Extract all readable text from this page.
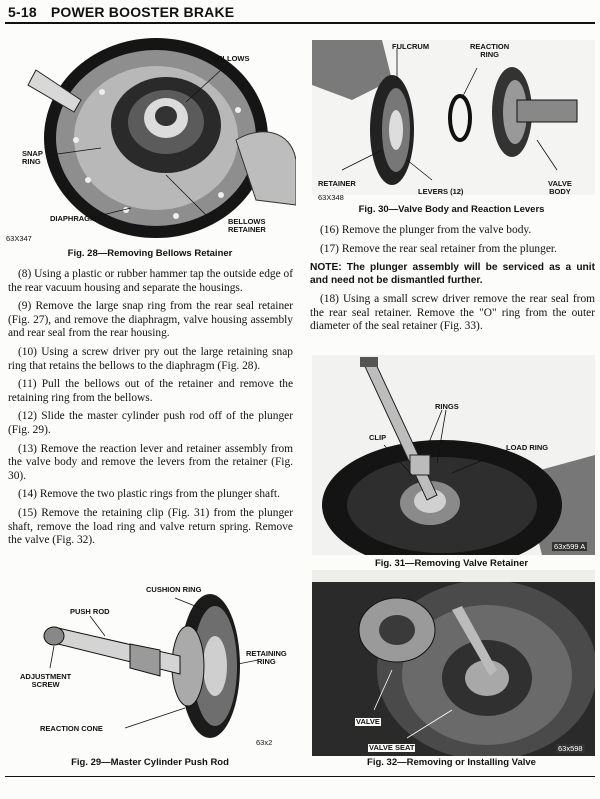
5-18 POWER BOOSTER BRAKE
BELLOWS
SNAP
RING
DIAPHRAGM	BELLOWS
RETAINER
63X347
Fig. 28—Removing Bellows Retainer

(8) Using a plastic or rubber hammer tap the outside edge of the rear vacuum housing and separate the housings.

(9) Remove the large snap ring from the rear seal retainer (Fig. 27), and remove the diaphragm, valve housing assembly and rear seal from the rear housing.

(10) Using a screw driver pry out the large retaining snap ring that retains the bellows to the diaphragm (Fig. 28).

(11) Pull the bellows out of the retainer and remove the retaining ring from the bellows.

(12) Slide the master cylinder push rod off of the plunger (Fig. 29).

(13) Remove the reaction lever and retainer assembly from the valve body and remove the levers from the retainer (Fig. 30).

(14) Remove the two plastic rings from the plunger shaft.

(15) Remove the retaining clip (Fig. 31) from the plunger shaft, remove the load ring and valve return spring. Remove the valve (Fig. 32).

CUSHION RING
PUSH ROD
RETAINING
RING
ADJUSTMENT
SCREW
REACTION CONE
63x2
Fig. 29—Master Cylinder Push Rod
FULCRUM	REACTION
RING
RETAINER
LEVERS (12)
VALVE
BODY
63X348
Fig. 30—Valve Body and Reaction Levers

(16) Remove the plunger from the valve body.

(17) Remove the rear seal retainer from the plunger.

NOTE: The plunger assembly will be serviced as a unit and need not be dismantled further.

(18) Using a small screw driver remove the rear seal from the rear seal retainer. Remove the "O" ring from the outer diameter of the seal retainer (Fig. 33).

RINGS
CLIP
LOAD RING
63x599 A
Fig. 31—Removing Valve Retainer
VALVE
VALVE SEAT	63x598
Fig. 32—Removing or Installing Valve
